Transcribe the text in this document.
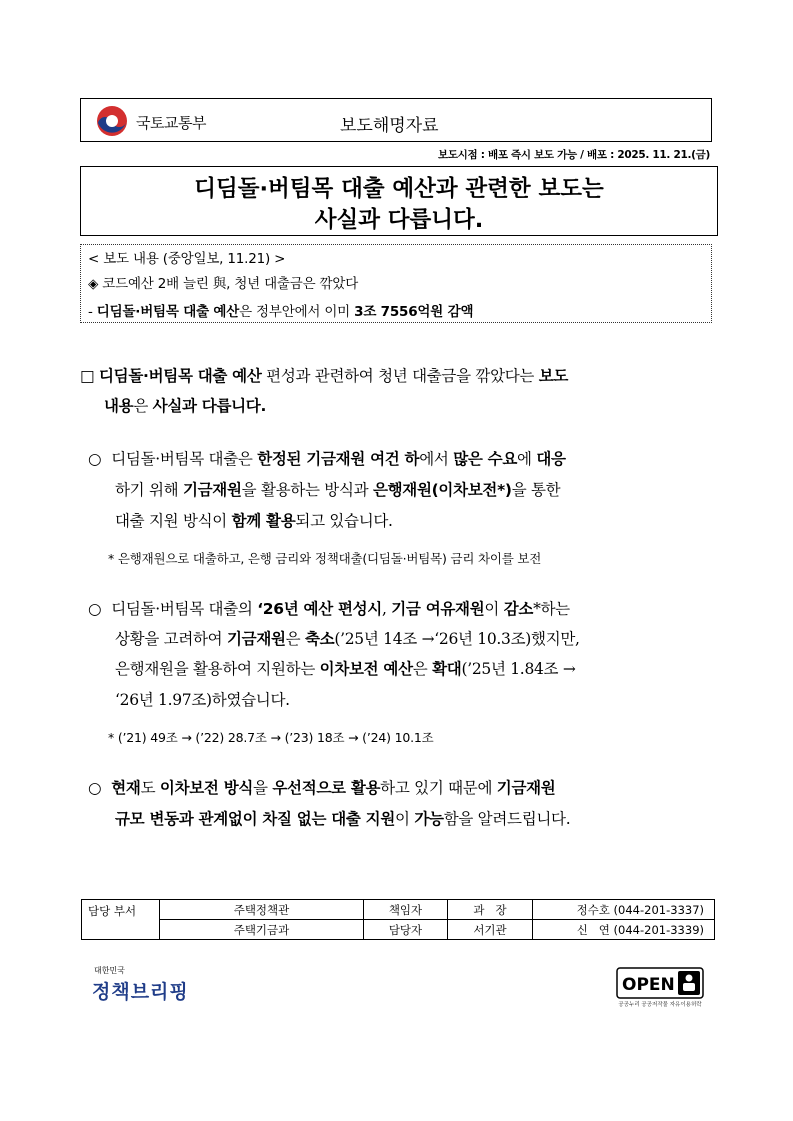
국토교통부	보도해명자료
보도시점 : 배포 즉시 보도 가능 / 배포 : 2025. 11. 21.(금)
디딤돌·버팀목 대출 예산과 관련한 보도는
사실과 다릅니다.
< 보도 내용 (중앙일보, 11.21) >
◈ 코드예산 2배 늘린 與, 청년 대출금은 깎았다
- 디딤돌·버팀목 대출 예산은 정부안에서 이미 3조 7556억원 감액
□ 디딤돌·버팀목 대출 예산 편성과 관련하여 청년 대출금을 깎았다는 보도
내용은 사실과 다릅니다.
○ 디딤돌·버팀목 대출은 한정된 기금재원 여건 하에서 많은 수요에 대응
하기 위해 기금재원을 활용하는 방식과 은행재원(이차보전*)을 통한
대출 지원 방식이 함께 활용되고 있습니다.
* 은행재원으로 대출하고, 은행 금리와 정책대출(디딤돌·버팀목) 금리 차이를 보전
○ 디딤돌·버팀목 대출의 ‘26년 예산 편성시, 기금 여유재원이 감소*하는
상황을 고려하여 기금재원은 축소(’25년 14조 →‘26년 10.3조)했지만,
은행재원을 활용하여 지원하는 이차보전 예산은 확대(’25년 1.84조 →
‘26년 1.97조)하였습니다.
* (’21) 49조 → (’22) 28.7조 → (’23) 18조 → (’24) 10.1조
○ 현재도 이차보전 방식을 우선적으로 활용하고 있기 때문에 기금재원
규모 변동과 관계없이 차질 없는 대출 지원이 가능함을 알려드립니다.
담당 부서	주택정책관	책임자	과   장	정수호 (044-201-3337)
	주택기금과	담당자	서기관	신   연 (044-201-3339)
대한민국
정책브리핑	OPEN
공공누리 공공저작물 자유이용허락
